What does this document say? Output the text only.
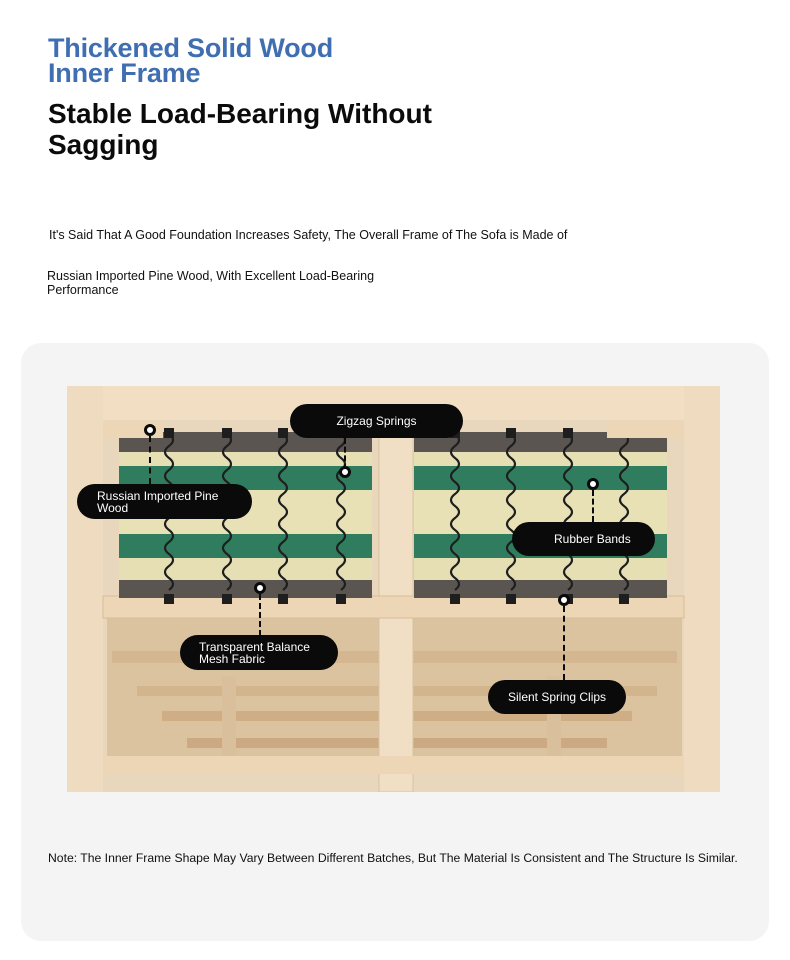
Thickened Solid Wood
Inner Frame
Stable Load-Bearing Without Sagging
It's Said That A Good Foundation Increases Safety, The Overall Frame of The Sofa is Made of
Russian Imported Pine Wood, With Excellent Load-Bearing Performance
Zigzag Springs
Russian Imported Pine Wood
Rubber Bands
Transparent Balance Mesh Fabric
Silent Spring Clips
Note: The Inner Frame Shape May Vary Between Different Batches, But The Material Is Consistent and The Structure Is Similar.
